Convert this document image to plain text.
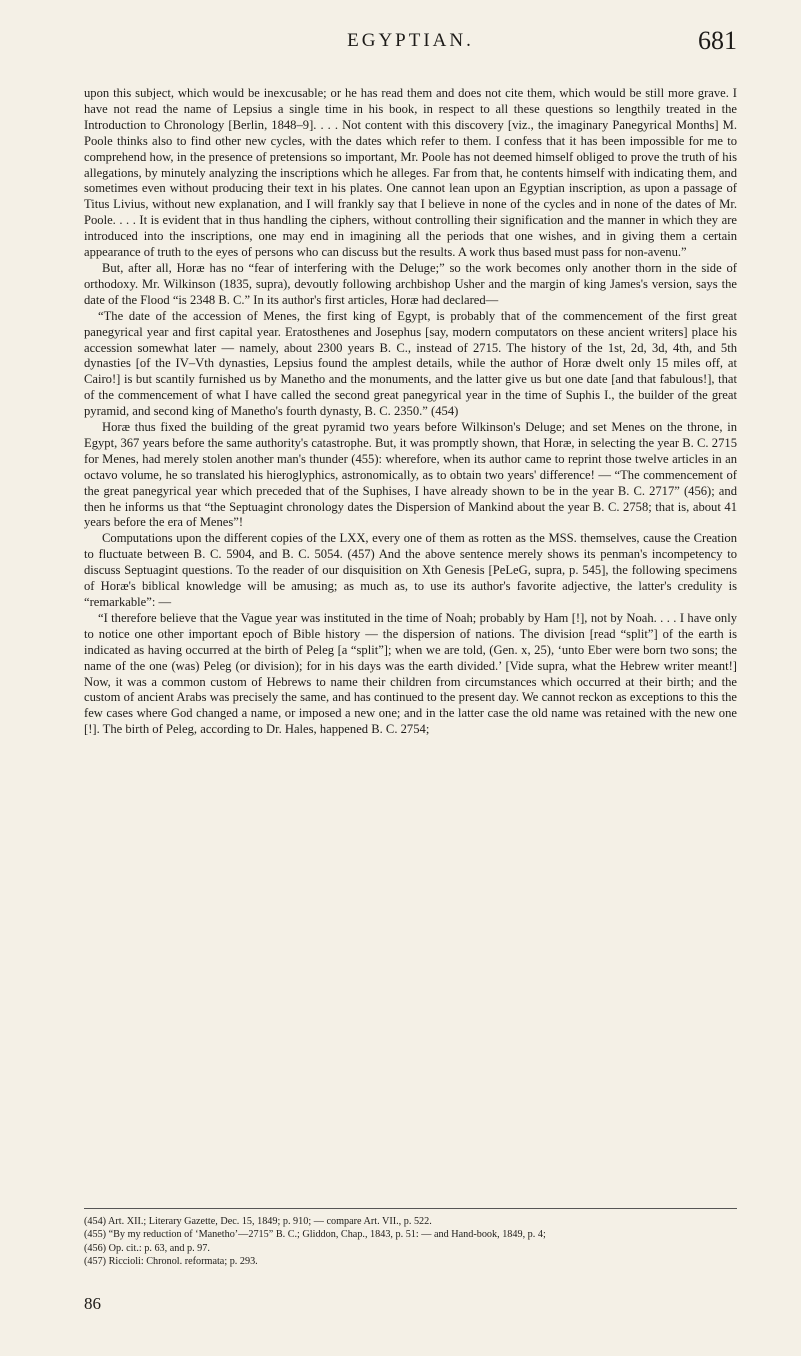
EGYPTIAN.	681

upon this subject, which would be inexcusable; or he has read them and does not cite them, which would be still more grave. I have not read the name of Lepsius a single time in his book, in respect to all these questions so lengthily treated in the Introduction to Chronology [Berlin, 1848–9]. . . . Not content with this discovery [viz., the imaginary Panegyrical Months] M. Poole thinks also to find other new cycles, with the dates which refer to them. I confess that it has been impossible for me to comprehend how, in the presence of pretensions so important, Mr. Poole has not deemed himself obliged to prove the truth of his allegations, by minutely analyzing the inscriptions which he alleges. Far from that, he contents himself with indicating them, and sometimes even without producing their text in his plates. One cannot lean upon an Egyptian inscription, as upon a passage of Titus Livius, without new explanation, and I will frankly say that I believe in none of the cycles and in none of the dates of Mr. Poole. . . . It is evident that in thus handling the ciphers, without controlling their signification and the manner in which they are introduced into the inscriptions, one may end in imagining all the periods that one wishes, and in giving them a certain appearance of truth to the eyes of persons who can discuss but the results. A work thus based must pass for non-avenu.”

But, after all, Horæ has no “fear of interfering with the Deluge;” so the work becomes only another thorn in the side of orthodoxy. Mr. Wilkinson (1835, supra), devoutly following archbishop Usher and the margin of king James's version, says the date of the Flood “is 2348 B. C.” In its author's first articles, Horæ had declared—

“The date of the accession of Menes, the first king of Egypt, is probably that of the commencement of the first great panegyrical year and first capital year. Eratosthenes and Josephus [say, modern computators on these ancient writers] place his accession somewhat later — namely, about 2300 years B. C., instead of 2715. The history of the 1st, 2d, 3d, 4th, and 5th dynasties [of the IV–Vth dynasties, Lepsius found the amplest details, while the author of Horæ dwelt only 15 miles off, at Cairo!] is but scantily furnished us by Manetho and the monuments, and the latter give us but one date [and that fabulous!], that of the commencement of what I have called the second great panegyrical year in the time of Suphis I., the builder of the great pyramid, and second king of Manetho's fourth dynasty, B. C. 2350.” (454)

Horæ thus fixed the building of the great pyramid two years before Wilkinson's Deluge; and set Menes on the throne, in Egypt, 367 years before the same authority's catastrophe. But, it was promptly shown, that Horæ, in selecting the year B. C. 2715 for Menes, had merely stolen another man's thunder (455): wherefore, when its author came to reprint those twelve articles in an octavo volume, he so translated his hieroglyphics, astronomically, as to obtain two years' difference! — “The commencement of the great panegyrical year which preceded that of the Suphises, I have already shown to be in the year B. C. 2717” (456); and then he informs us that “the Septuagint chronology dates the Dispersion of Mankind about the year B. C. 2758; that is, about 41 years before the era of Menes”!

Computations upon the different copies of the LXX, every one of them as rotten as the MSS. themselves, cause the Creation to fluctuate between B. C. 5904, and B. C. 5054. (457) And the above sentence merely shows its penman's incompetency to discuss Septuagint questions. To the reader of our disquisition on Xth Genesis [PeLeG, supra, p. 545], the following specimens of Horæ's biblical knowledge will be amusing; as much as, to use its author's favorite adjective, the latter's credulity is “remarkable”: —

“I therefore believe that the Vague year was instituted in the time of Noah; probably by Ham [!], not by Noah. . . . I have only to notice one other important epoch of Bible history — the dispersion of nations. The division [read “split”] of the earth is indicated as having occurred at the birth of Peleg [a “split”]; when we are told, (Gen. x, 25), ‘unto Eber were born two sons; the name of the one (was) Peleg (or division); for in his days was the earth divided.’ [Vide supra, what the Hebrew writer meant!] Now, it was a common custom of Hebrews to name their children from circumstances which occurred at their birth; and the custom of ancient Arabs was precisely the same, and has continued to the present day. We cannot reckon as exceptions to this the few cases where God changed a name, or imposed a new one; and in the latter case the old name was retained with the new one [!]. The birth of Peleg, according to Dr. Hales, happened B. C. 2754;

(454) Art. XII.; Literary Gazette, Dec. 15, 1849; p. 910; — compare Art. VII., p. 522.

(455) “By my reduction of ‘Manetho’—2715” B. C.; Gliddon, Chap., 1843, p. 51: — and Hand-book, 1849, p. 4;

(456) Op. cit.: p. 63, and p. 97.

(457) Riccioli: Chronol. reformata; p. 293.

86
